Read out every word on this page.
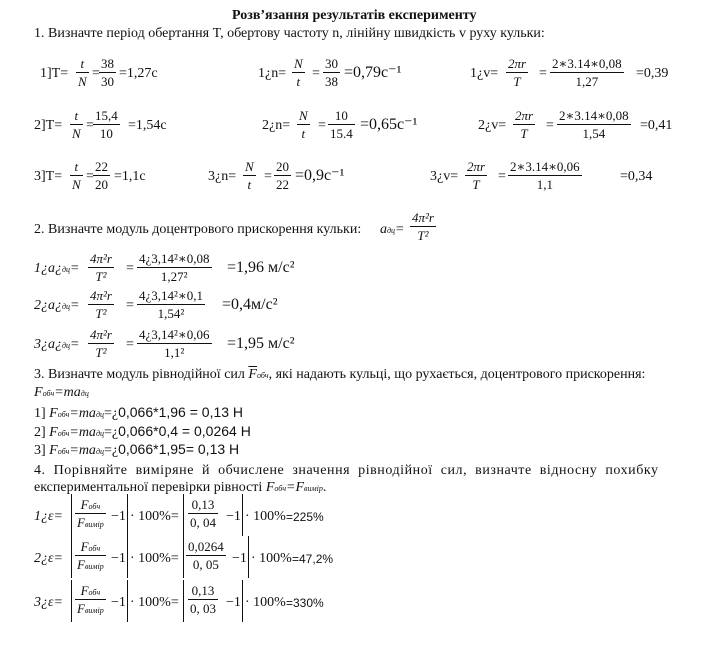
Розв’язання результатів експерименту
1. Визначте період обертання T, обертову частоту n, лінійну швидкість v руху кульки:
$1]T= \frac{t}{N} = \frac{38}{30} =1,27c$	1¿n= $\frac{N}{t} = \frac{30}{38} =0,79c^{-1}$	1¿v= $\frac{2\pi r}{T} = \frac{2∗3.14∗0,08}{1,27} =0,39$
$2]T= \frac{t}{N} = \frac{15,4}{10} =1,54c$	2¿n= $\frac{N}{t} = \frac{10}{15.4} =0,65c^{-1}$	2¿v= $\frac{2\pi r}{T} = \frac{2∗3.14∗0,08}{1,54} =0,41$
$3]T= \frac{t}{N} = \frac{22}{20} =1,1c$	3¿n= $\frac{N}{t} = \frac{20}{22} =0,9c^{-1}$	3¿v= $\frac{2\pi r}{T} = \frac{2∗3.14∗0,06}{1,1}$	=0,34
2. Визначте модуль доцентрового прискорення кульки: $aдц= \frac{\text{4π²r}}{\text{T²}}$
1¿a¿дц= $\frac{\text{4π²r}}{\text{T²}} = \frac{\text{4¿3,14²∗0,08}}{\text{1,27²}} =1,96$ м/с²
2¿a¿дц= $\frac{\text{4π²r}}{\text{T²}} = \frac{\text{4¿3,14²∗0,1}}{\text{1,54²}} =0,4м/с^2$
3¿a¿дц= $\frac{\text{4π²r}}{\text{T²}} = \frac{\text{4¿3,14²∗0,06}}{\text{1,1²}} =1,95$ м/с²
3. Визначте модуль рівнодійної сил $\overline{F}обч$, які надають кульці, що рухається, доцентрового прискорення:
Fобч=maдц
1] Fобч=maдц=¿0,066*1,96 = 0,13 Н
2] Fобч=maдц=¿0,066*0,4 = 0,0264 Н
3] Fобч=maдц=¿0,066*1,95= 0,13 Н
4. Порівняйте виміряне й обчислене значення рівнодійної сил, визначте відносну похибку
експериментальної перевірки рівності Fобч=Fвимір.
1¿ε=
Fобч
Fвимір
$-1 \cdot 100\%= \frac{0,13}{0, 04} -1 \cdot 100\% =225\%$
2¿ε=
Fобч
Fвимір
$-1 \cdot 100\%= \frac{0,0264}{0, 05} -1 \cdot 100\% =47,2\%$
3¿ε=
Fобч
Fвимір
$-1 \cdot 100\%= \frac{0,13}{0, 03} -1 \cdot 100\% =330\%$
